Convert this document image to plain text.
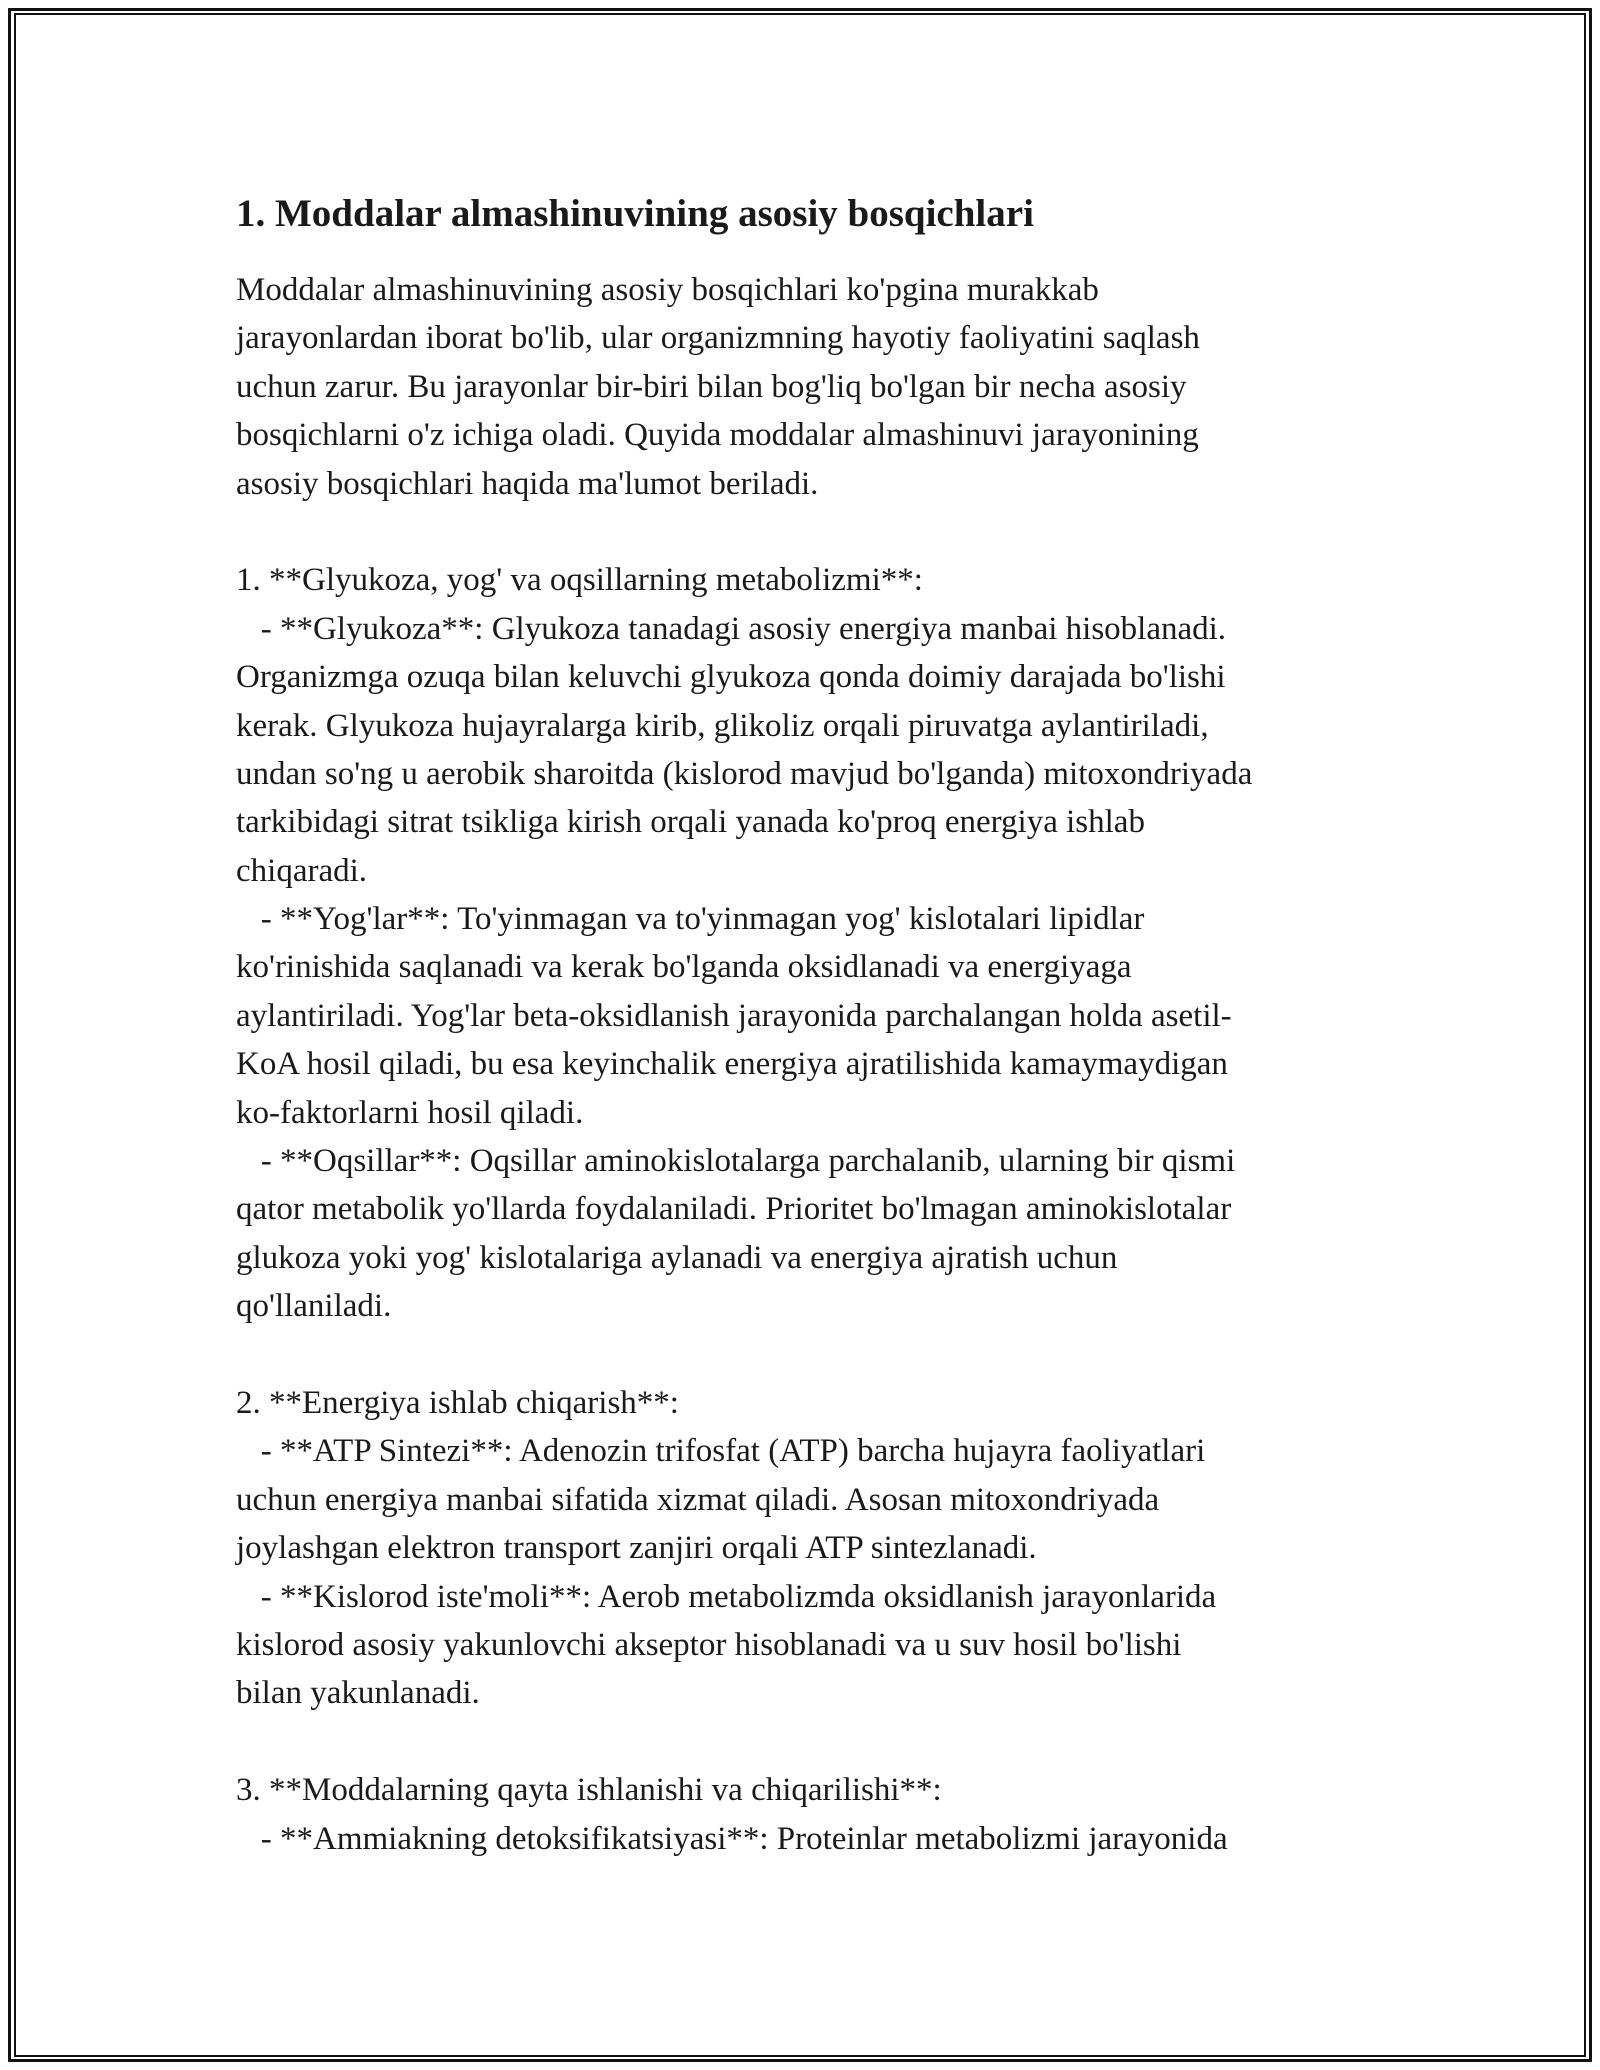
1. Moddalar almashinuvining asosiy bosqichlari
Moddalar almashinuvining asosiy bosqichlari ko'pgina murakkab
jarayonlardan iborat bo'lib, ular organizmning hayotiy faoliyatini saqlash
uchun zarur. Bu jarayonlar bir-biri bilan bog'liq bo'lgan bir necha asosiy
bosqichlarni o'z ichiga oladi. Quyida moddalar almashinuvi jarayonining
asosiy bosqichlari haqida ma'lumot beriladi.
1. **Glyukoza, yog' va oqsillarning metabolizmi**:
- **Glyukoza**: Glyukoza tanadagi asosiy energiya manbai hisoblanadi.
Organizmga ozuqa bilan keluvchi glyukoza qonda doimiy darajada bo'lishi
kerak. Glyukoza hujayralarga kirib, glikoliz orqali piruvatga aylantiriladi,
undan so'ng u aerobik sharoitda (kislorod mavjud bo'lganda) mitoxondriyada
tarkibidagi sitrat tsikliga kirish orqali yanada ko'proq energiya ishlab
chiqaradi.
- **Yog'lar**: To'yinmagan va to'yinmagan yog' kislotalari lipidlar
ko'rinishida saqlanadi va kerak bo'lganda oksidlanadi va energiyaga
aylantiriladi. Yog'lar beta-oksidlanish jarayonida parchalangan holda asetil-
KoA hosil qiladi, bu esa keyinchalik energiya ajratilishida kamaymaydigan
ko-faktorlarni hosil qiladi.
- **Oqsillar**: Oqsillar aminokislotalarga parchalanib, ularning bir qismi
qator metabolik yo'llarda foydalaniladi. Prioritet bo'lmagan aminokislotalar
glukoza yoki yog' kislotalariga aylanadi va energiya ajratish uchun
qo'llaniladi.
2. **Energiya ishlab chiqarish**:
- **ATP Sintezi**: Adenozin trifosfat (ATP) barcha hujayra faoliyatlari
uchun energiya manbai sifatida xizmat qiladi. Asosan mitoxondriyada
joylashgan elektron transport zanjiri orqali ATP sintezlanadi.
- **Kislorod iste'moli**: Aerob metabolizmda oksidlanish jarayonlarida
kislorod asosiy yakunlovchi akseptor hisoblanadi va u suv hosil bo'lishi
bilan yakunlanadi.
3. **Moddalarning qayta ishlanishi va chiqarilishi**:
- **Ammiakning detoksifikatsiyasi**: Proteinlar metabolizmi jarayonida
